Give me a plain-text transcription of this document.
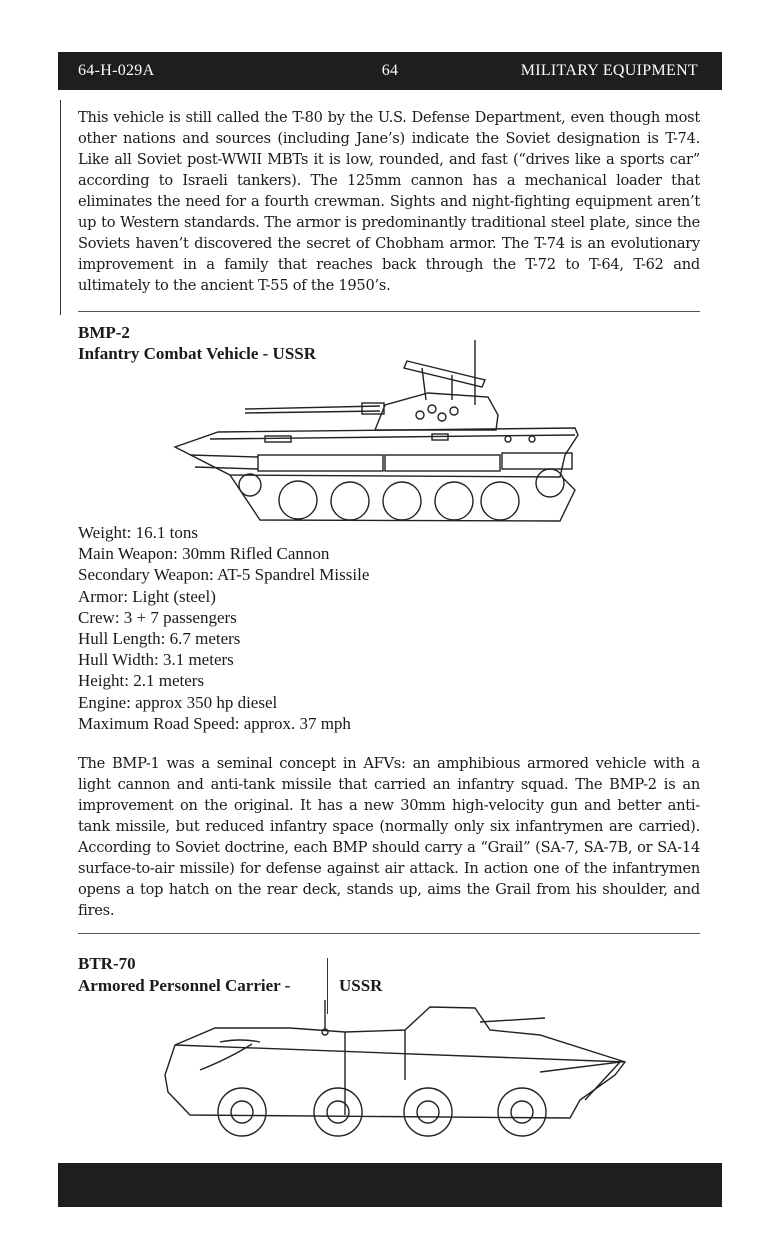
64-H-029A	64	MILITARY EQUIPMENT

This vehicle is still called the T-80 by the U.S. Defense Department, even though most other nations and sources (including Jane’s) indicate the Soviet designation is T-74. Like all Soviet post-WWII MBTs it is low, rounded, and fast (“drives like a sports car” according to Israeli tankers). The 125mm cannon has a mechanical loader that eliminates the need for a fourth crewman. Sights and night-fighting equipment aren’t up to Western standards. The armor is predominantly traditional steel plate, since the Soviets haven’t discovered the secret of Chobham armor. The T-74 is an evolutionary improvement in a family that reaches back through the T-72 to T-64, T-62 and ultimately to the ancient T-55 of the 1950’s.

BMP-2
Infantry Combat Vehicle - USSR
Weight: 16.1 tons
Main Weapon: 30mm Rifled Cannon
Secondary Weapon: AT-5 Spandrel Missile
Armor: Light (steel)
Crew: 3 + 7 passengers
Hull Length: 6.7 meters
Hull Width: 3.1 meters
Height: 2.1 meters
Engine: approx 350 hp diesel
Maximum Road Speed: approx. 37 mph

The BMP-1 was a seminal concept in AFVs: an amphibious armored vehicle with a light cannon and anti-tank missile that carried an infantry squad. The BMP-2 is an improvement on the original. It has a new 30mm high-velocity gun and better anti-tank missile, but reduced infantry space (normally only six infantrymen are carried). According to Soviet doctrine, each BMP should carry a “Grail” (SA-7, SA-7B, or SA-14 surface-to-air missile) for defense against air attack. In action one of the infantrymen opens a top hatch on the rear deck, stands up, aims the Grail from his shoulder, and fires.

BTR-70
Armored Personnel Carrier -	USSR
